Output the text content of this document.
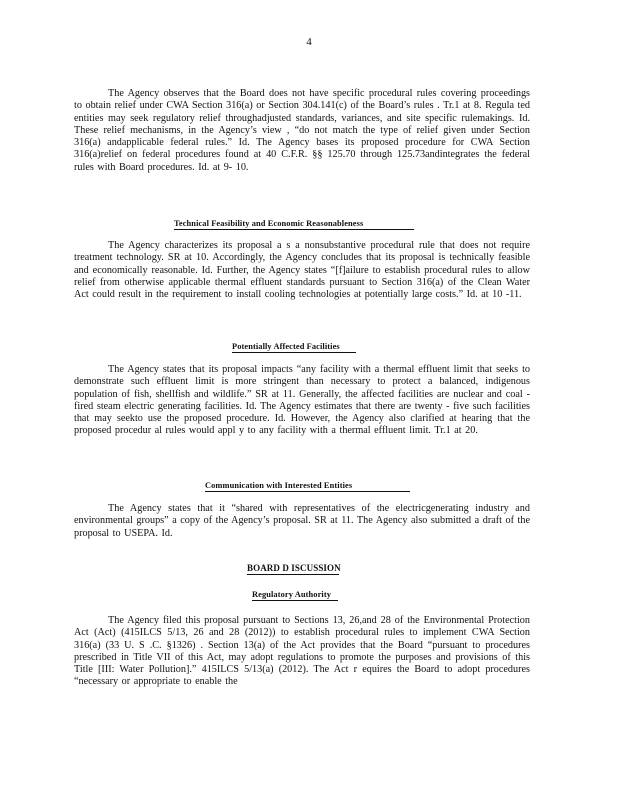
4

The Agency observes that the Board does not have specific procedural rules covering proceedings to obtain relief under CWA Section 316(a) or Section 304.141(c) of the Board’s rules . Tr.1 at 8. Regula ted entities may seek regulatory relief throughadjusted standards, variances, and site specific rulemakings. Id. These relief mechanisms, in the Agency’s view , “do not match the type of relief given under Section 316(a) andapplicable federal rules.” Id. The Agency bases its proposed procedure for CWA Section 316(a)relief on federal procedures found at 40 C.F.R. §§ 125.70 through 125.73andintegrates the federal rules with Board procedures. Id. at 9- 10.

Technical Feasibility and Economic Reasonableness

The Agency characterizes its proposal a s a nonsubstantive procedural rule that does not require treatment technology. SR at 10. Accordingly, the Agency concludes that its proposal is technically feasible and economically reasonable. Id. Further, the Agency states “[f]ailure to establish procedural rules to allow relief from otherwise applicable thermal effluent standards pursuant to Section 316(a) of the Clean Water Act could result in the requirement to install cooling technologies at potentially large costs.” Id. at 10 -11.

Potentially Affected Facilities

The Agency states that its proposal impacts “any facility with a thermal effluent limit that seeks to demonstrate such effluent limit is more stringent than necessary to protect a balanced, indigenous population of fish, shellfish and wildlife.” SR at 11. Generally, the affected facilities are nuclear and coal -fired steam electric generating facilities. Id. The Agency estimates that there are twenty - five such facilities that may seekto use the proposed procedure. Id. However, the Agency also clarified at hearing that the proposed procedur al rules would appl y to any facility with a thermal effluent limit. Tr.1 at 20.

Communication with Interested Entities

The Agency states that it “shared with representatives of the electricgenerating industry and environmental groups” a copy of the Agency’s proposal. SR at 11. The Agency also submitted a draft of the proposal to USEPA. Id.

BOARD D ISCUSSION
Regulatory Authority

The Agency filed this proposal pursuant to Sections 13, 26,and 28 of the Environmental Protection Act (Act) (415ILCS 5/13, 26 and 28 (2012)) to establish procedural rules to implement CWA Section 316(a) (33 U. S .C. §1326) . Section 13(a) of the Act provides that the Board “pursuant to procedures prescribed in Title VII of this Act, may adopt regulations to promote the purposes and provisions of this Title [III: Water Pollution].” 415ILCS 5/13(a) (2012). The Act r equires the Board to adopt procedures “necessary or appropriate to enable the
